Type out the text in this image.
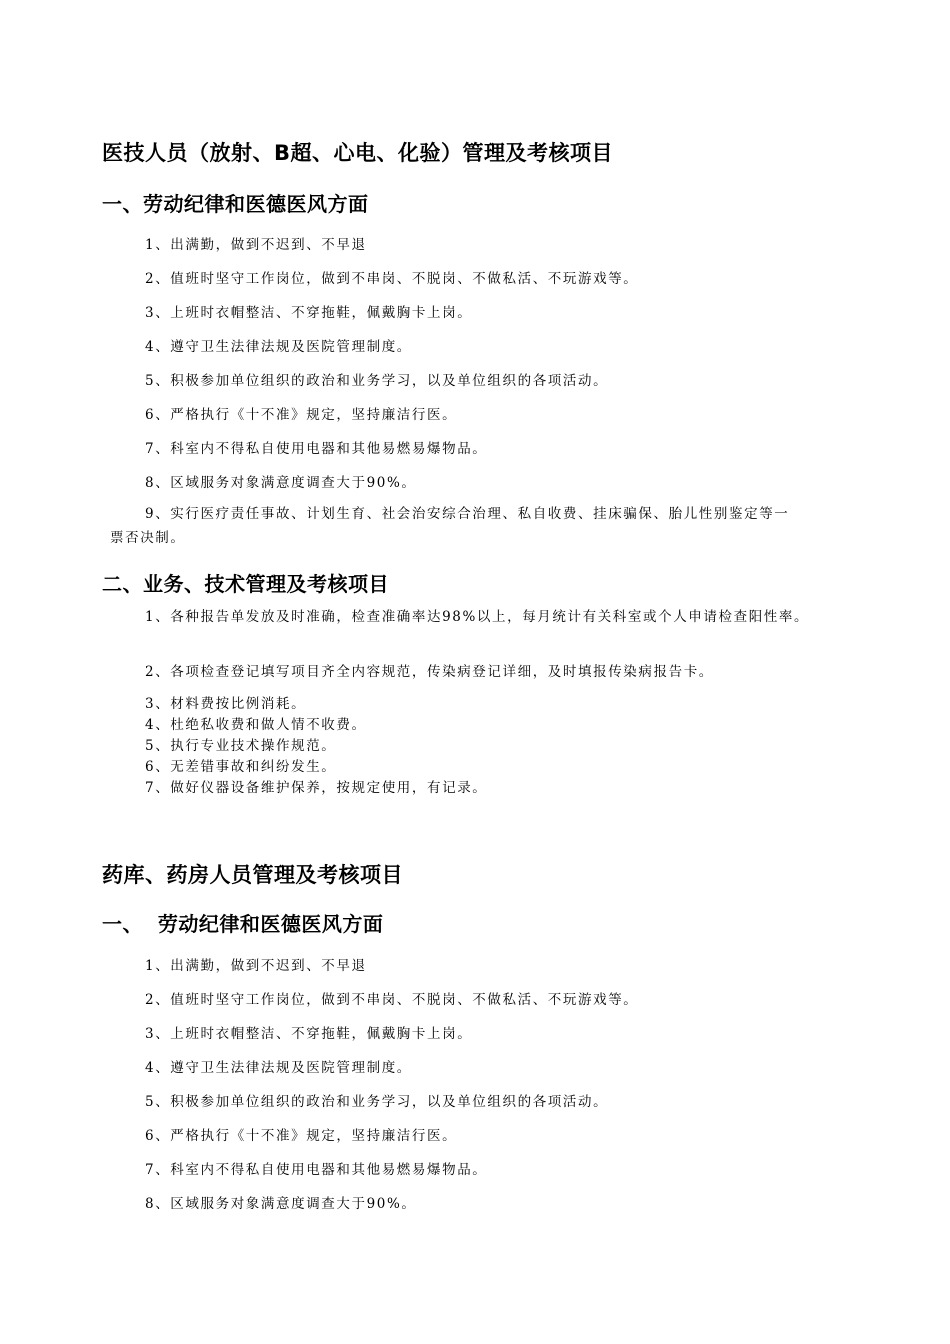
医技人员（放射、B超、心电、化验）管理及考核项目
一、劳动纪律和医德医风方面

1、出满勤，做到不迟到、不早退

2、值班时坚守工作岗位，做到不串岗、不脱岗、不做私活、不玩游戏等。

3、上班时衣帽整洁、不穿拖鞋，佩戴胸卡上岗。

4、遵守卫生法律法规及医院管理制度。

5、积极参加单位组织的政治和业务学习，以及单位组织的各项活动。

6、严格执行《十不准》规定，坚持廉洁行医。

7、科室内不得私自使用电器和其他易燃易爆物品。

8、区域服务对象满意度调查大于90%。

9、实行医疗责任事故、计划生育、社会治安综合治理、私自收费、挂床骗保、胎儿性别鉴定等一票否决制。

二、业务、技术管理及考核项目

1、各种报告单发放及时准确，检查准确率达98%以上，每月统计有关科室或个人申请检查阳性率。

2、各项检查登记填写项目齐全内容规范，传染病登记详细，及时填报传染病报告卡。

3、材料费按比例消耗。

4、杜绝私收费和做人情不收费。

5、执行专业技术操作规范。

6、无差错事故和纠纷发生。

7、做好仪器设备维护保养，按规定使用，有记录。

药库、药房人员管理及考核项目
一、  劳动纪律和医德医风方面

1、出满勤，做到不迟到、不早退

2、值班时坚守工作岗位，做到不串岗、不脱岗、不做私活、不玩游戏等。

3、上班时衣帽整洁、不穿拖鞋，佩戴胸卡上岗。

4、遵守卫生法律法规及医院管理制度。

5、积极参加单位组织的政治和业务学习，以及单位组织的各项活动。

6、严格执行《十不准》规定，坚持廉洁行医。

7、科室内不得私自使用电器和其他易燃易爆物品。

8、区域服务对象满意度调查大于90%。
